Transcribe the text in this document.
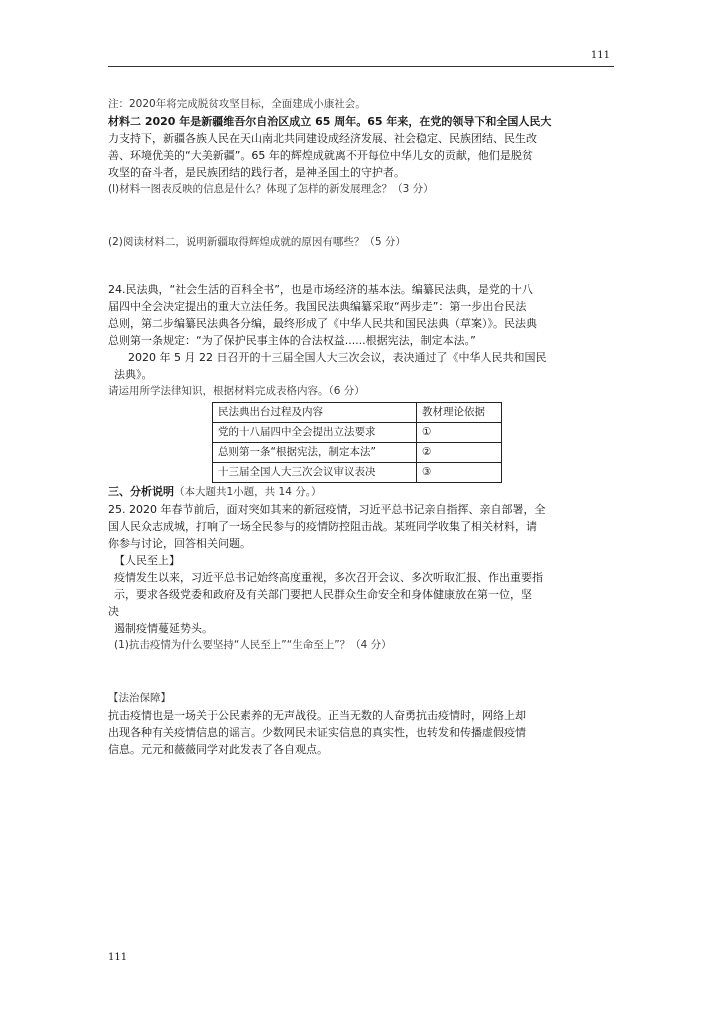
111
注：2020年将完成脱贫攻坚目标，全面建成小康社会。
材料二 2020 年是新疆维吾尔自治区成立 65 周年。65 年来，在党的领导下和全国人民大
力支持下，新疆各族人民在天山南北共同建设成经济发展、社会稳定、民族团结、民生改
善、环境优美的“大美新疆”。65 年的辉煌成就离不开每位中华儿女的贡献，他们是脱贫
攻坚的奋斗者，是民族团结的践行者，是神圣国土的守护者。
(l)材料一图表反映的信息是什么？体现了怎样的新发展理念？（3 分）
(2)阅读材料二，说明新疆取得辉煌成就的原因有哪些？（5 分）
24.民法典，“社会生活的百科全书”，也是市场经济的基本法。编纂民法典，是党的十八
届四中全会决定提出的重大立法任务。我国民法典编纂采取“两步走”：第一步出台民法
总则，第二步编纂民法典各分编，最终形成了《中华人民共和国民法典（草案）》。民法典
总则第一条规定：“为了保护民事主体的合法权益......根据宪法，制定本法。”
2020 年 5 月 22 日召开的十三届全国人大三次会议，表决通过了《中华人民共和国民
法典》。
请运用所学法律知识，根据材料完成表格内容。（6 分）
民法典出台过程及内容	教材理论依据
党的十八届四中全会提出立法要求	①
总则第一条“根据宪法，制定本法”	②
十三届全国人大三次会议审议表决	③
三、分析说明（本大题共1小题，共 14 分。）
25. 2020 年春节前后，面对突如其来的新冠疫情，习近平总书记亲自指挥、亲自部署，全
国人民众志成城，打响了一场全民参与的疫情防控阻击战。某班同学收集了相关材料，请
你参与讨论，回答相关问题。
【人民至上】
疫情发生以来，习近平总书记始终高度重视，多次召开会议、多次听取汇报、作出重要指
示，要求各级党委和政府及有关部门要把人民群众生命安全和身体健康放在第一位，坚
决
遏制疫情蔓延势头。
(1)抗击疫情为什么要坚持“人民至上”“生命至上”？（4 分）
【法治保障】
抗击疫情也是一场关于公民素养的无声战役。正当无数的人奋勇抗击疫情时，网络上却
出现各种有关疫情信息的谣言。少数网民未证实信息的真实性，也转发和传播虚假疫情
信息。元元和薇薇同学对此发表了各自观点。
111
